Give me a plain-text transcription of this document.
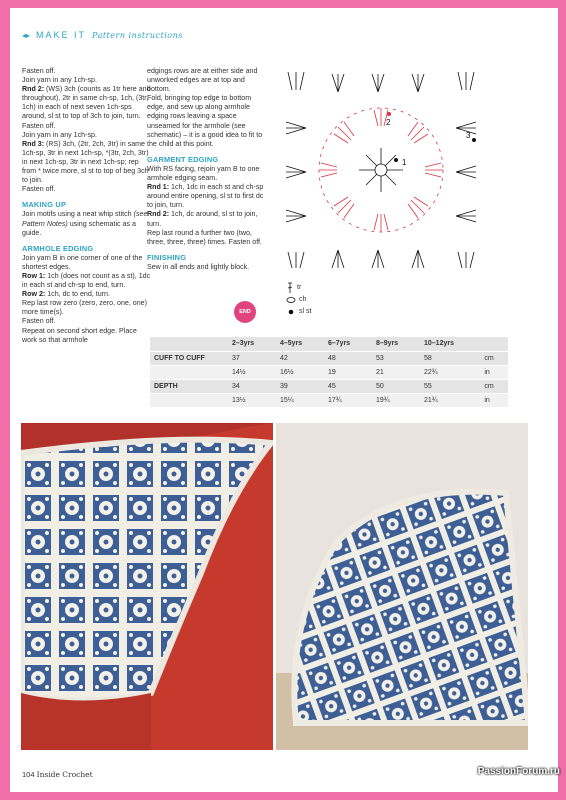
◂▸ MAKE IT Pattern instructions

Fasten off.

Join yarn in any 1ch-sp.

Rnd 2: (WS) 3ch (counts as 1tr here and throughout), 2tr in same ch-sp, 1ch, (3tr, 1ch) in each of next seven 1ch-sps around, sl st to top of 3ch to join, turn.

Fasten off.

Join yarn in any 1ch-sp.

Rnd 3: (RS) 3ch, (2tr, 2ch, 3tr) in same 1ch-sp, 3tr in next 1ch-sp, *(3tr, 2ch, 3tr) in next 1ch-sp, 3tr in next 1ch-sp; rep from * twice more, sl st to top of beg 3ch to join.

Fasten off.

MAKING UP

Join motifs using a neat whip stitch (see Pattern Notes) using schematic as a guide.

ARMHOLE EDGING

Join yarn B in one corner of one of the shortest edges.

Row 1: 1ch (does not count as a st), 1dc in each st and ch-sp to end, turn.

Row 2: 1ch, dc to end, turn.

Rep last row zero (zero, zero, one, one) more time(s).

Fasten off.

Repeat on second short edge. Place work so that armhole

edgings rows are at either side and unworked edges are at top and bottom.

Fold, bringing top edge to bottom edge, and sew up along armhole edging rows leaving a space unseamed for the armhole (see schematic) – it is a good idea to fit to the child at this point.

GARMENT EDGING

With RS facing, rejoin yarn B to one armhole edging seam.

Rnd 1: 1ch, 1dc in each st and ch-sp around entire opening, sl st to first dc to join, turn.

Rnd 2: 1ch, dc around, sl st to join, turn.

Rep last round a further two (two, three, three, three) times. Fasten off.

FINISHING

Sew in all ends and lightly block.

END
2
1
3
tr
ch
sl st
	2–3yrs	4–5yrs	6–7yrs	8–9yrs	10–12yrs	
CUFF TO CUFF	37	42	48	53	58	cm
	14½	16½	19	21	22¾	in
DEPTH	34	39	45	50	55	cm
	13½	15¼	17¾	19¾	21¾	in
104 Inside Crochet	PassionForum.ru
